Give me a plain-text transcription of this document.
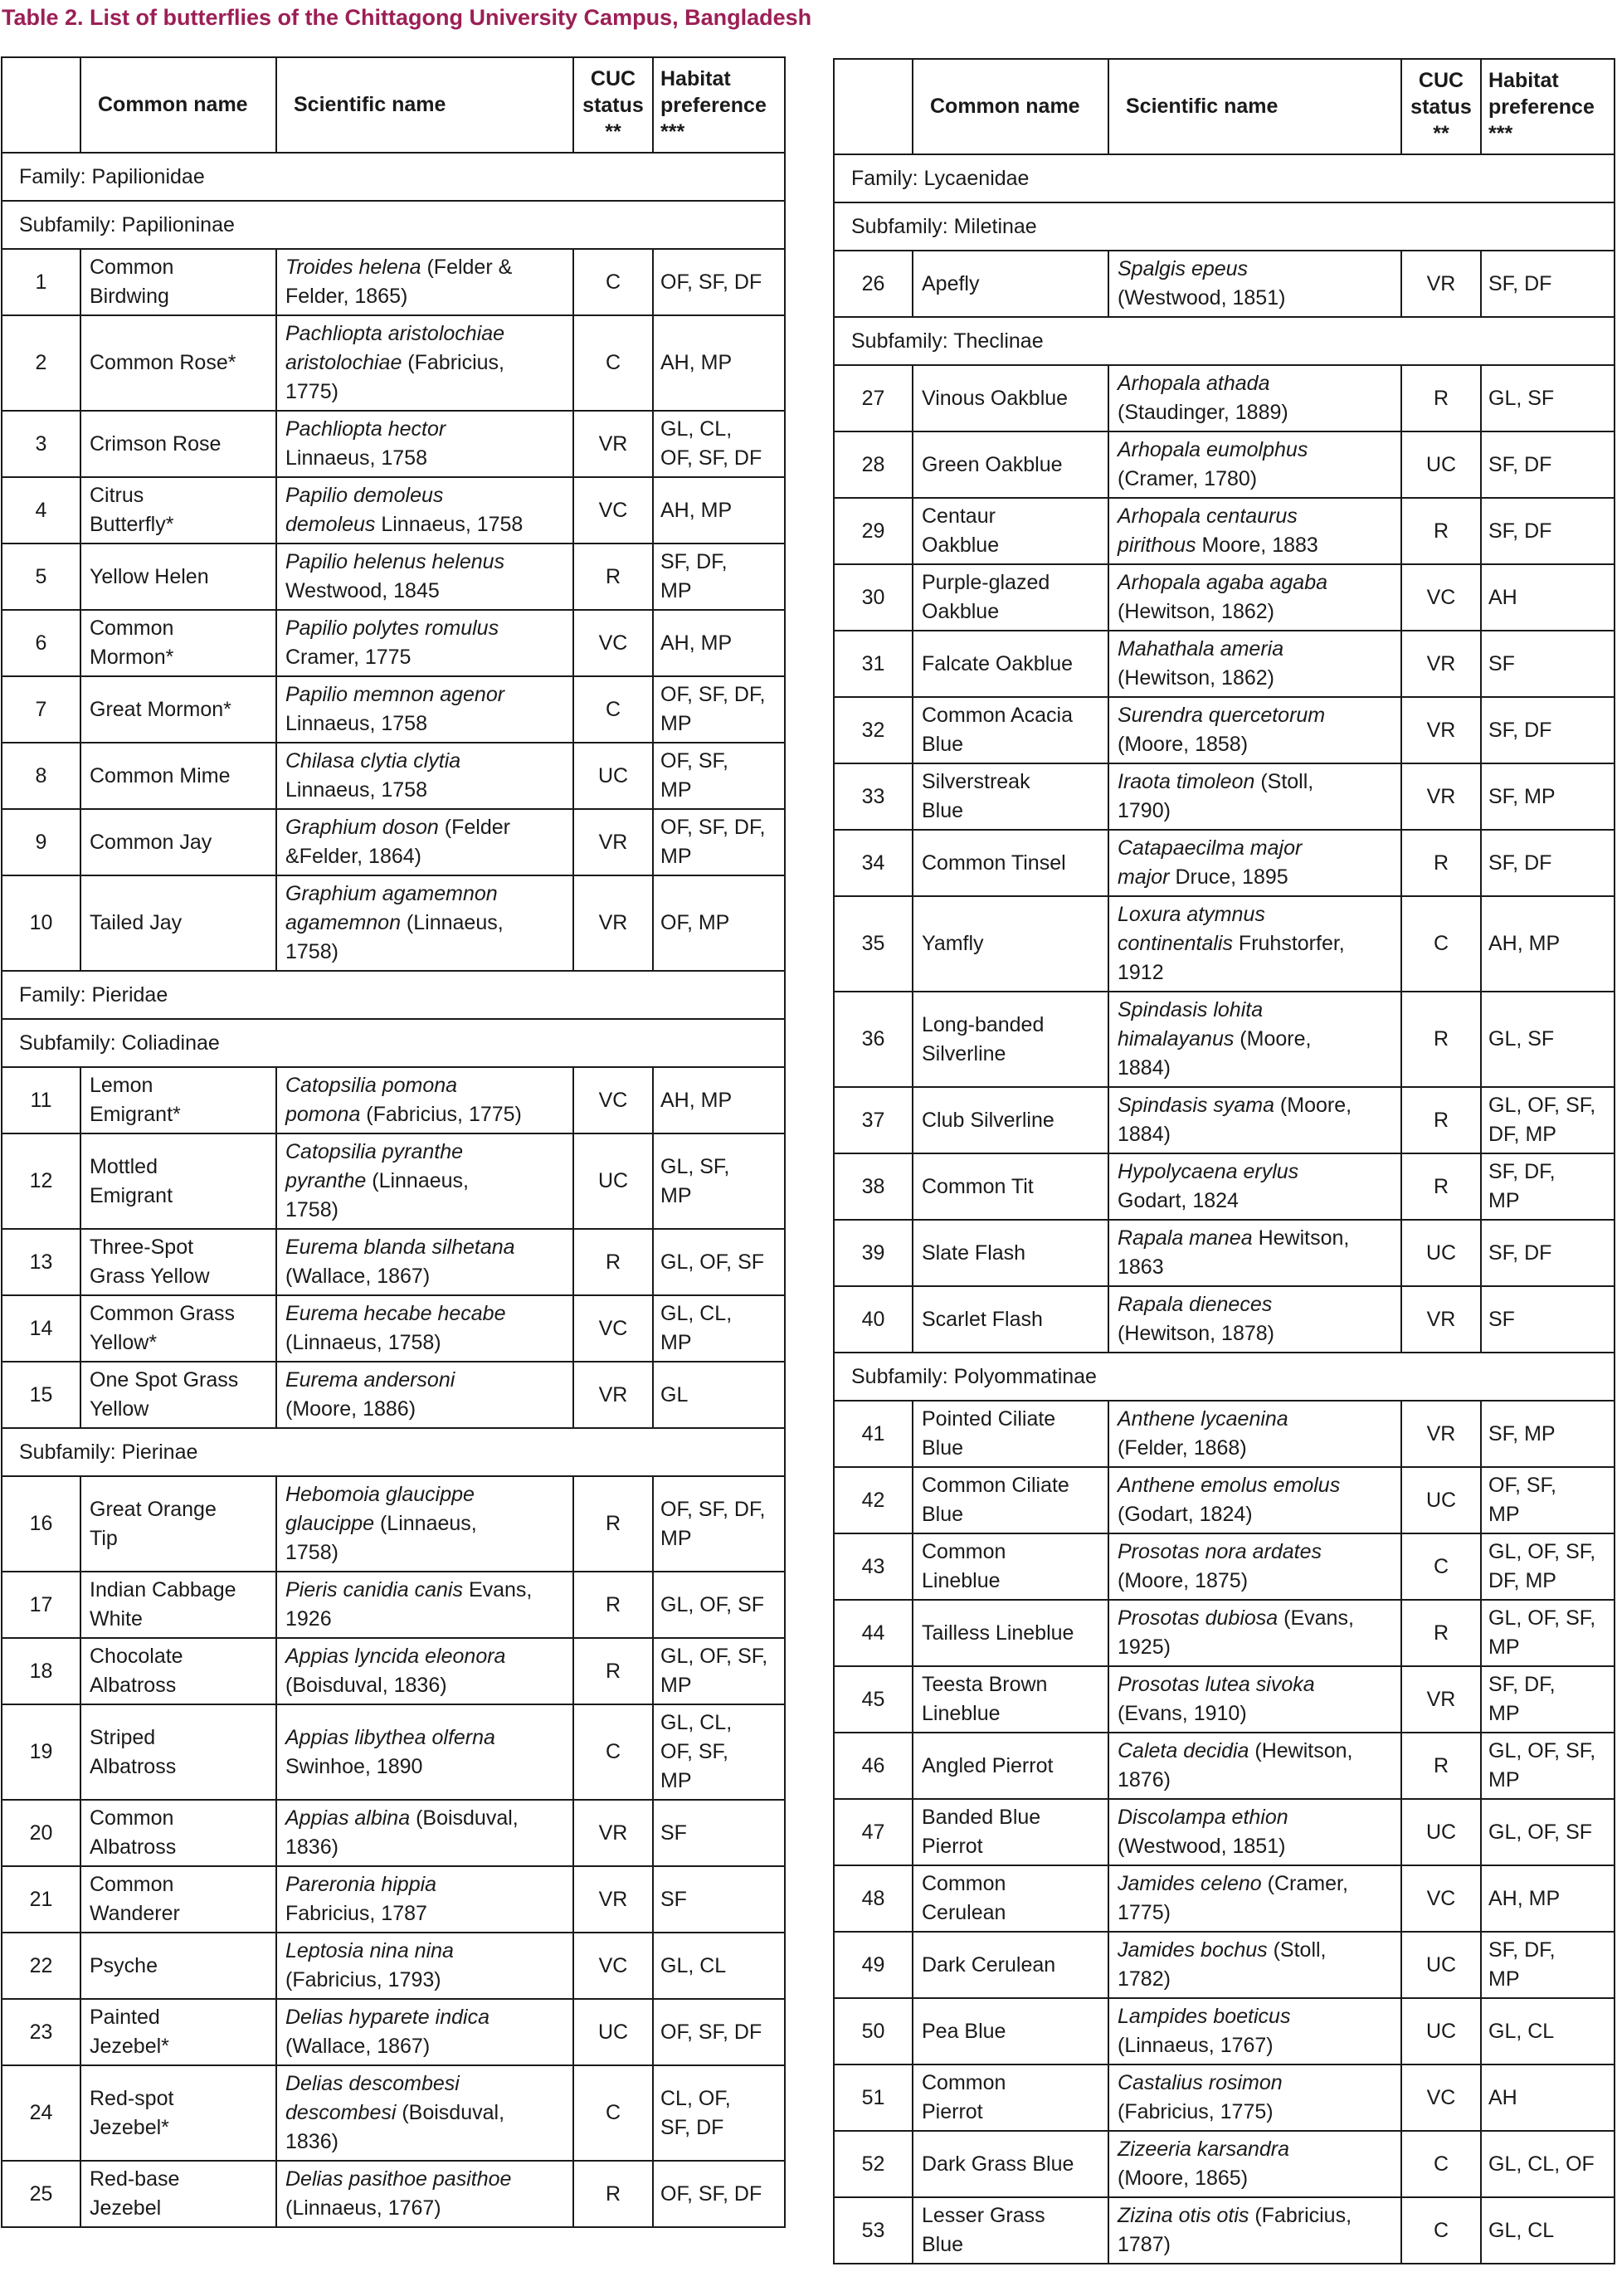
Table 2. List of butterflies of the Chittagong University Campus, Bangladesh
	Common name	Scientific name	CUC
status
**	Habitat
preference
***

Family: Papilionidae				
Subfamily: Papilioninae				
1	Common
Birdwing	Troides helena (Felder &
Felder, 1865)	C	OF, SF, DF

2	Common Rose*	Pachliopta aristolochiae
aristolochiae (Fabricius,
1775)	C	AH, MP

3	Crimson Rose	Pachliopta hector
Linnaeus, 1758	VR	GL, CL,
OF, SF, DF

4	Citrus
Butterfly*	Papilio demoleus
demoleus Linnaeus, 1758	VC	AH, MP

5	Yellow Helen	Papilio helenus helenus
Westwood, 1845	R	SF, DF,
MP

6	Common
Mormon*	Papilio polytes romulus
Cramer, 1775	VC	AH, MP

7	Great Mormon*	Papilio memnon agenor
Linnaeus, 1758	C	OF, SF, DF,
MP

8	Common Mime	Chilasa clytia clytia
Linnaeus, 1758	UC	OF, SF,
MP

9	Common Jay	Graphium doson (Felder
&Felder, 1864)	VR	OF, SF, DF,
MP

10	Tailed Jay	Graphium agamemnon
agamemnon (Linnaeus,
1758)	VR	OF, MP

Family: Pieridae				
Subfamily: Coliadinae				
11	Lemon
Emigrant*	Catopsilia pomona
pomona (Fabricius, 1775)	VC	AH, MP

12	Mottled
Emigrant	Catopsilia pyranthe
pyranthe (Linnaeus,
1758)	UC	GL, SF,
MP

13	Three-Spot
Grass Yellow	Eurema blanda silhetana
(Wallace, 1867)	R	GL, OF, SF

14	Common Grass
Yellow*	Eurema hecabe hecabe
(Linnaeus, 1758)	VC	GL, CL,
MP

15	One Spot Grass
Yellow	Eurema andersoni
(Moore, 1886)	VR	GL

Subfamily: Pierinae				
16	Great Orange
Tip	Hebomoia glaucippe
glaucippe (Linnaeus,
1758)	R	OF, SF, DF,
MP

17	Indian Cabbage
White	Pieris canidia canis Evans,
1926	R	GL, OF, SF

18	Chocolate
Albatross	Appias lyncida eleonora
(Boisduval, 1836)	R	GL, OF, SF,
MP

19	Striped
Albatross	Appias libythea olferna
Swinhoe, 1890	C	GL, CL,
OF, SF,
MP

20	Common
Albatross	Appias albina (Boisduval,
1836)	VR	SF

21	Common
Wanderer	Pareronia hippia
Fabricius, 1787	VR	SF

22	Psyche	Leptosia nina nina
(Fabricius, 1793)	VC	GL, CL

23	Painted
Jezebel*	Delias hyparete indica
(Wallace, 1867)	UC	OF, SF, DF

24	Red-spot
Jezebel*	Delias descombesi
descombesi (Boisduval,
1836)	C	CL, OF,
SF, DF

25	Red-base
Jezebel	Delias pasithoe pasithoe
(Linnaeus, 1767)	R	OF, SF, DF
	Common name	Scientific name	CUC
status
**	Habitat
preference
***

Family: Lycaenidae				
Subfamily: Miletinae				
26	Apefly	Spalgis epeus
(Westwood, 1851)	VR	SF, DF

Subfamily: Theclinae				
27	Vinous Oakblue	Arhopala athada
(Staudinger, 1889)	R	GL, SF

28	Green Oakblue	Arhopala eumolphus
(Cramer, 1780)	UC	SF, DF

29	Centaur
Oakblue	Arhopala centaurus
pirithous Moore, 1883	R	SF, DF

30	Purple-glazed
Oakblue	Arhopala agaba agaba
(Hewitson, 1862)	VC	AH

31	Falcate Oakblue	Mahathala ameria
(Hewitson, 1862)	VR	SF

32	Common Acacia
Blue	Surendra quercetorum
(Moore, 1858)	VR	SF, DF

33	Silverstreak
Blue	Iraota timoleon (Stoll,
1790)	VR	SF, MP

34	Common Tinsel	Catapaecilma major
major Druce, 1895	R	SF, DF

35	Yamfly	Loxura atymnus
continentalis Fruhstorfer,
1912	C	AH, MP

36	Long-banded
Silverline	Spindasis lohita
himalayanus (Moore,
1884)	R	GL, SF

37	Club Silverline	Spindasis syama (Moore,
1884)	R	GL, OF, SF,
DF, MP

38	Common Tit	Hypolycaena erylus
Godart, 1824	R	SF, DF,
MP

39	Slate Flash	Rapala manea Hewitson,
1863	UC	SF, DF

40	Scarlet Flash	Rapala dieneces
(Hewitson, 1878)	VR	SF

Subfamily: Polyommatinae				
41	Pointed Ciliate
Blue	Anthene lycaenina
(Felder, 1868)	VR	SF, MP

42	Common Ciliate
Blue	Anthene emolus emolus
(Godart, 1824)	UC	OF, SF,
MP

43	Common
Lineblue	Prosotas nora ardates
(Moore, 1875)	C	GL, OF, SF,
DF, MP

44	Tailless Lineblue	Prosotas dubiosa (Evans,
1925)	R	GL, OF, SF,
MP

45	Teesta Brown
Lineblue	Prosotas lutea sivoka
(Evans, 1910)	VR	SF, DF,
MP

46	Angled Pierrot	Caleta decidia (Hewitson,
1876)	R	GL, OF, SF,
MP

47	Banded Blue
Pierrot	Discolampa ethion
(Westwood, 1851)	UC	GL, OF, SF

48	Common
Cerulean	Jamides celeno (Cramer,
1775)	VC	AH, MP

49	Dark Cerulean	Jamides bochus (Stoll,
1782)	UC	SF, DF,
MP

50	Pea Blue	Lampides boeticus
(Linnaeus, 1767)	UC	GL, CL

51	Common
Pierrot	Castalius rosimon
(Fabricius, 1775)	VC	AH

52	Dark Grass Blue	Zizeeria karsandra
(Moore, 1865)	C	GL, CL, OF

53	Lesser Grass
Blue	Zizina otis otis (Fabricius,
1787)	C	GL, CL
